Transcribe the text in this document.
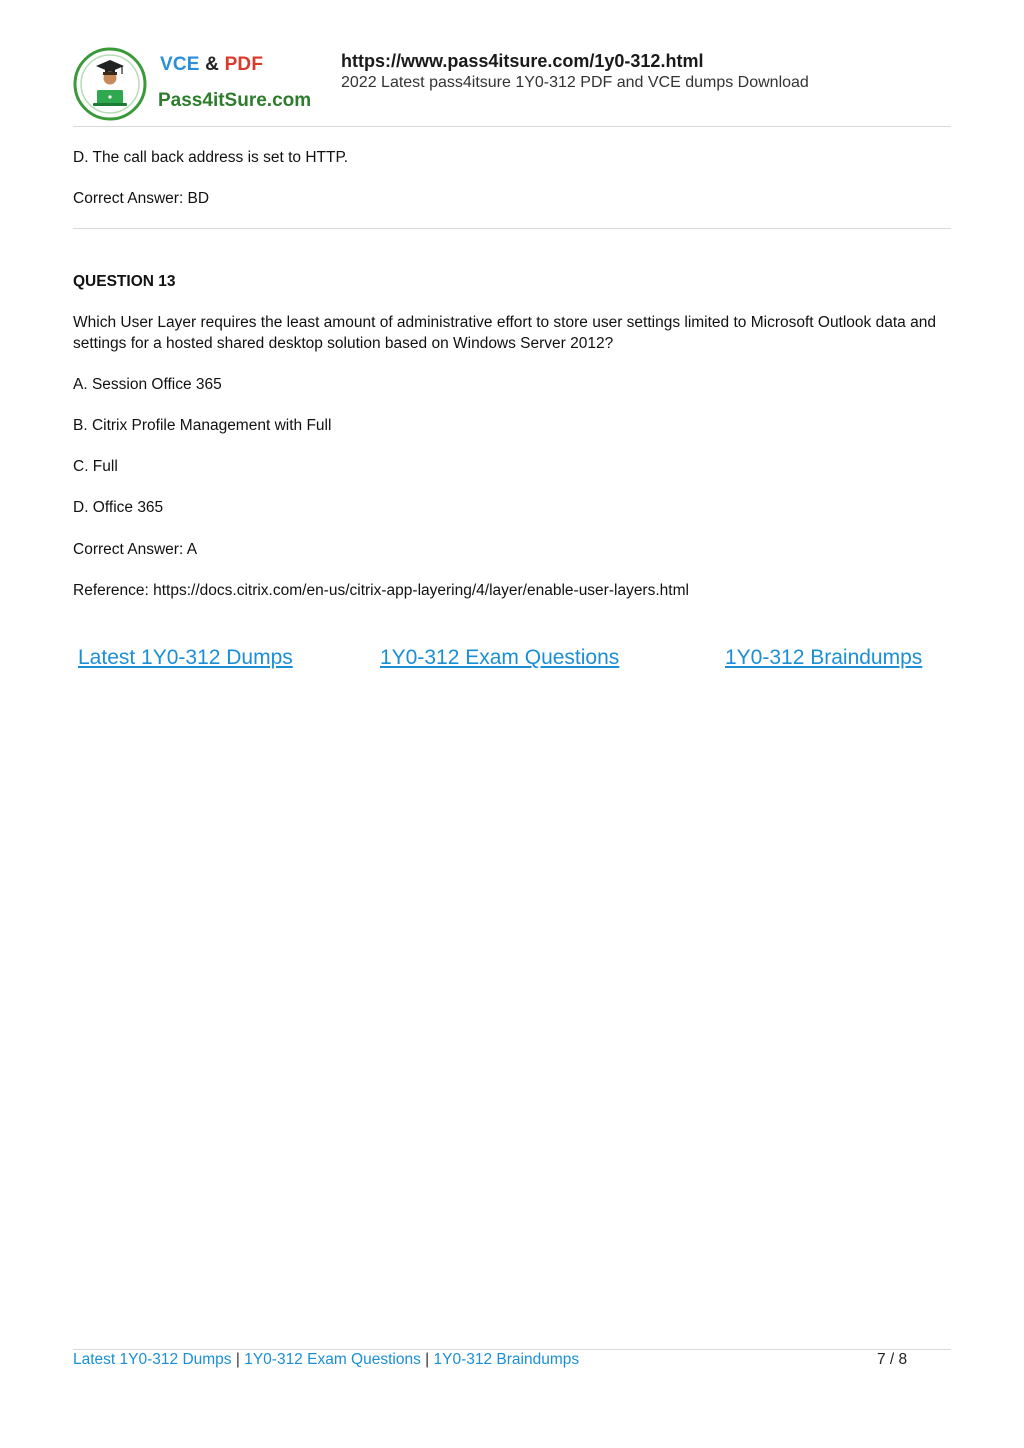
VCE & PDF
Pass4itSure.com
https://www.pass4itsure.com/1y0-312.html
2022 Latest pass4itsure 1Y0-312 PDF and VCE dumps Download
D. The call back address is set to HTTP.
Correct Answer: BD
QUESTION 13
Which User Layer requires the least amount of administrative effort to store user settings limited to Microsoft Outlook data and settings for a hosted shared desktop solution based on Windows Server 2012?
A. Session Office 365
B. Citrix Profile Management with Full
C. Full
D. Office 365
Correct Answer: A
Reference: https://docs.citrix.com/en-us/citrix-app-layering/4/layer/enable-user-layers.html
Latest 1Y0-312 Dumps	1Y0-312 Exam Questions	1Y0-312 Braindumps
Latest 1Y0-312 Dumps | 1Y0-312 Exam Questions | 1Y0-312 Braindumps	7 / 8
